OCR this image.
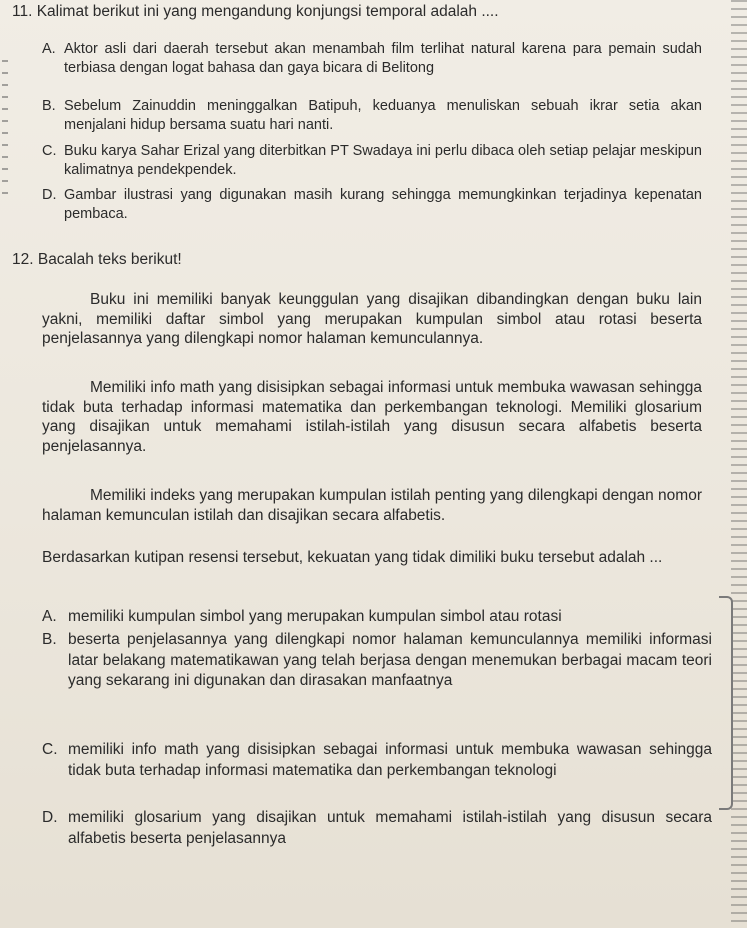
11. Kalimat berikut ini yang mengandung konjungsi temporal adalah ....
A. Aktor asli dari daerah tersebut akan menambah film terlihat natural karena para pemain sudah terbiasa dengan logat bahasa dan gaya bicara di Belitong
B. Sebelum Zainuddin meninggalkan Batipuh, keduanya menuliskan sebuah ikrar setia akan menjalani hidup bersama suatu hari nanti.
C. Buku karya Sahar Erizal yang diterbitkan PT Swadaya ini perlu dibaca oleh setiap pelajar meskipun kalimatnya pendekpendek.
D. Gambar ilustrasi yang digunakan masih kurang sehingga memungkinkan terjadinya kepenatan pembaca.
12. Bacalah teks berikut!
Buku ini memiliki banyak keunggulan yang disajikan dibandingkan dengan buku lain yakni, memiliki daftar simbol yang merupakan kumpulan simbol atau rotasi beserta penjelasannya yang dilengkapi nomor halaman kemunculannya.
Memiliki info math yang disisipkan sebagai informasi untuk membuka wawasan sehingga tidak buta terhadap informasi matematika dan perkembangan teknologi. Memiliki glosarium yang disajikan untuk memahami istilah-istilah yang disusun secara alfabetis beserta penjelasannya.
Memiliki indeks yang merupakan kumpulan istilah penting yang dilengkapi dengan nomor halaman kemunculan istilah dan disajikan secara alfabetis.
Berdasarkan kutipan resensi tersebut, kekuatan yang tidak dimiliki buku tersebut adalah ...
A. memiliki kumpulan simbol yang merupakan kumpulan simbol atau rotasi
B. beserta penjelasannya yang dilengkapi nomor halaman kemunculannya memiliki informasi latar belakang matematikawan yang telah berjasa dengan menemukan berbagai macam teori yang sekarang ini digunakan dan dirasakan manfaatnya
C. memiliki info math yang disisipkan sebagai informasi untuk membuka wawasan sehingga tidak buta terhadap informasi matematika dan perkembangan teknologi
D. memiliki glosarium yang disajikan untuk memahami istilah-istilah yang disusun secara alfabetis beserta penjelasannya
